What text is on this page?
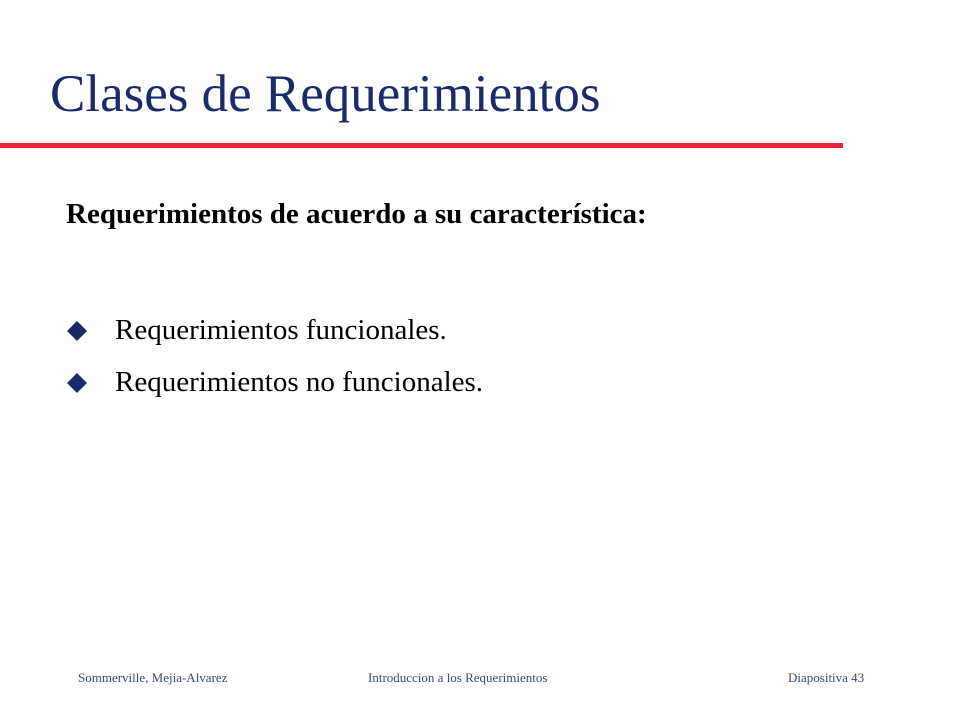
Clases de Requerimientos

Requerimientos de acuerdo a su característica:

Requerimientos funcionales.
Requerimientos no funcionales.
Sommerville, Mejia-Alvarez	Introduccion a los Requerimientos	Diapositiva 43
